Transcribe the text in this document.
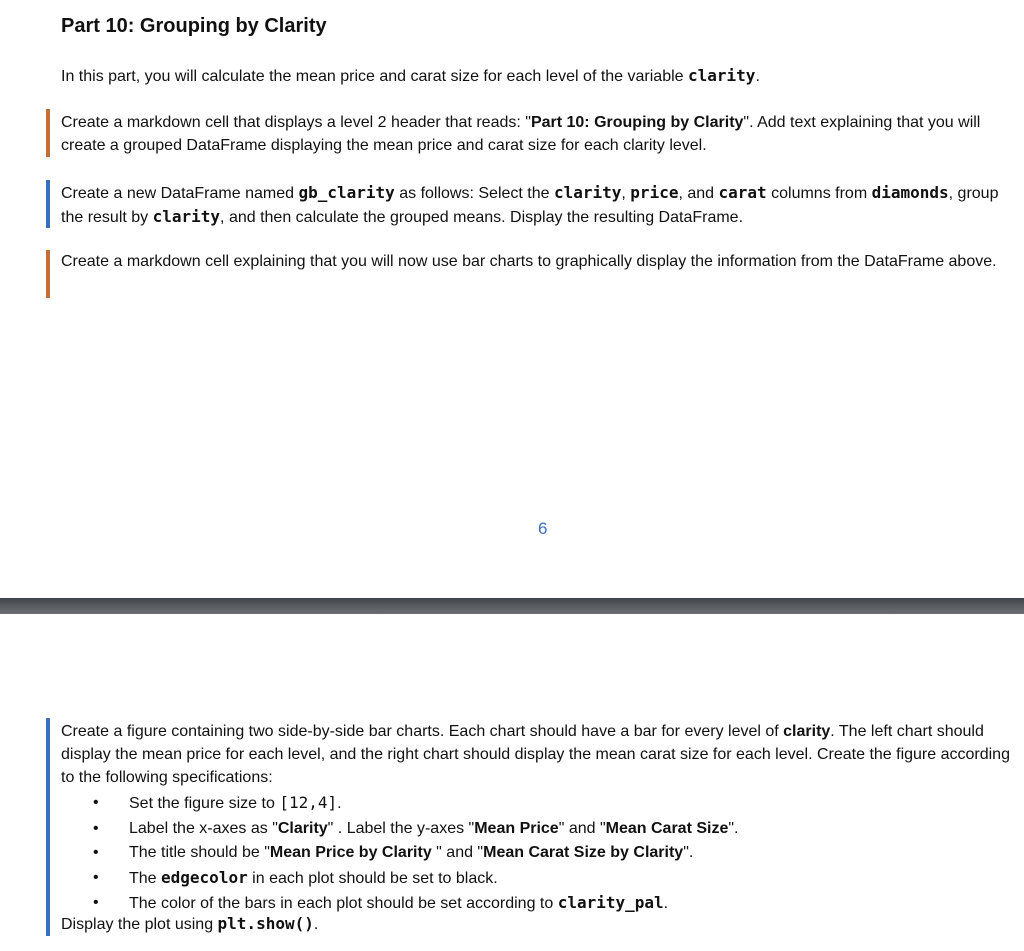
Part 10: Grouping by Clarity

In this part, you will calculate the mean price and carat size for each level of the variable clarity.

Create a markdown cell that displays a level 2 header that reads: "Part 10: Grouping by Clarity". Add text explaining that you will create a grouped DataFrame displaying the mean price and carat size for each clarity level.

Create a new DataFrame named gb_clarity as follows: Select the clarity, price, and carat columns from diamonds, group the result by clarity, and then calculate the grouped means. Display the resulting DataFrame.

Create a markdown cell explaining that you will now use bar charts to graphically display the information from the DataFrame above.

6

Create a figure containing two side-by-side bar charts. Each chart should have a bar for every level of clarity. The left chart should display the mean price for each level, and the right chart should display the mean carat size for each level. Create the figure according to the following specifications:

• Set the figure size to [12,4].
• Label the x-axes as "Clarity" . Label the y-axes "Mean Price" and "Mean Carat Size".
• The title should be "Mean Price by Clarity " and "Mean Carat Size by Clarity".
• The edgecolor in each plot should be set to black.
• The color of the bars in each plot should be set according to clarity_pal.

Display the plot using plt.show().
